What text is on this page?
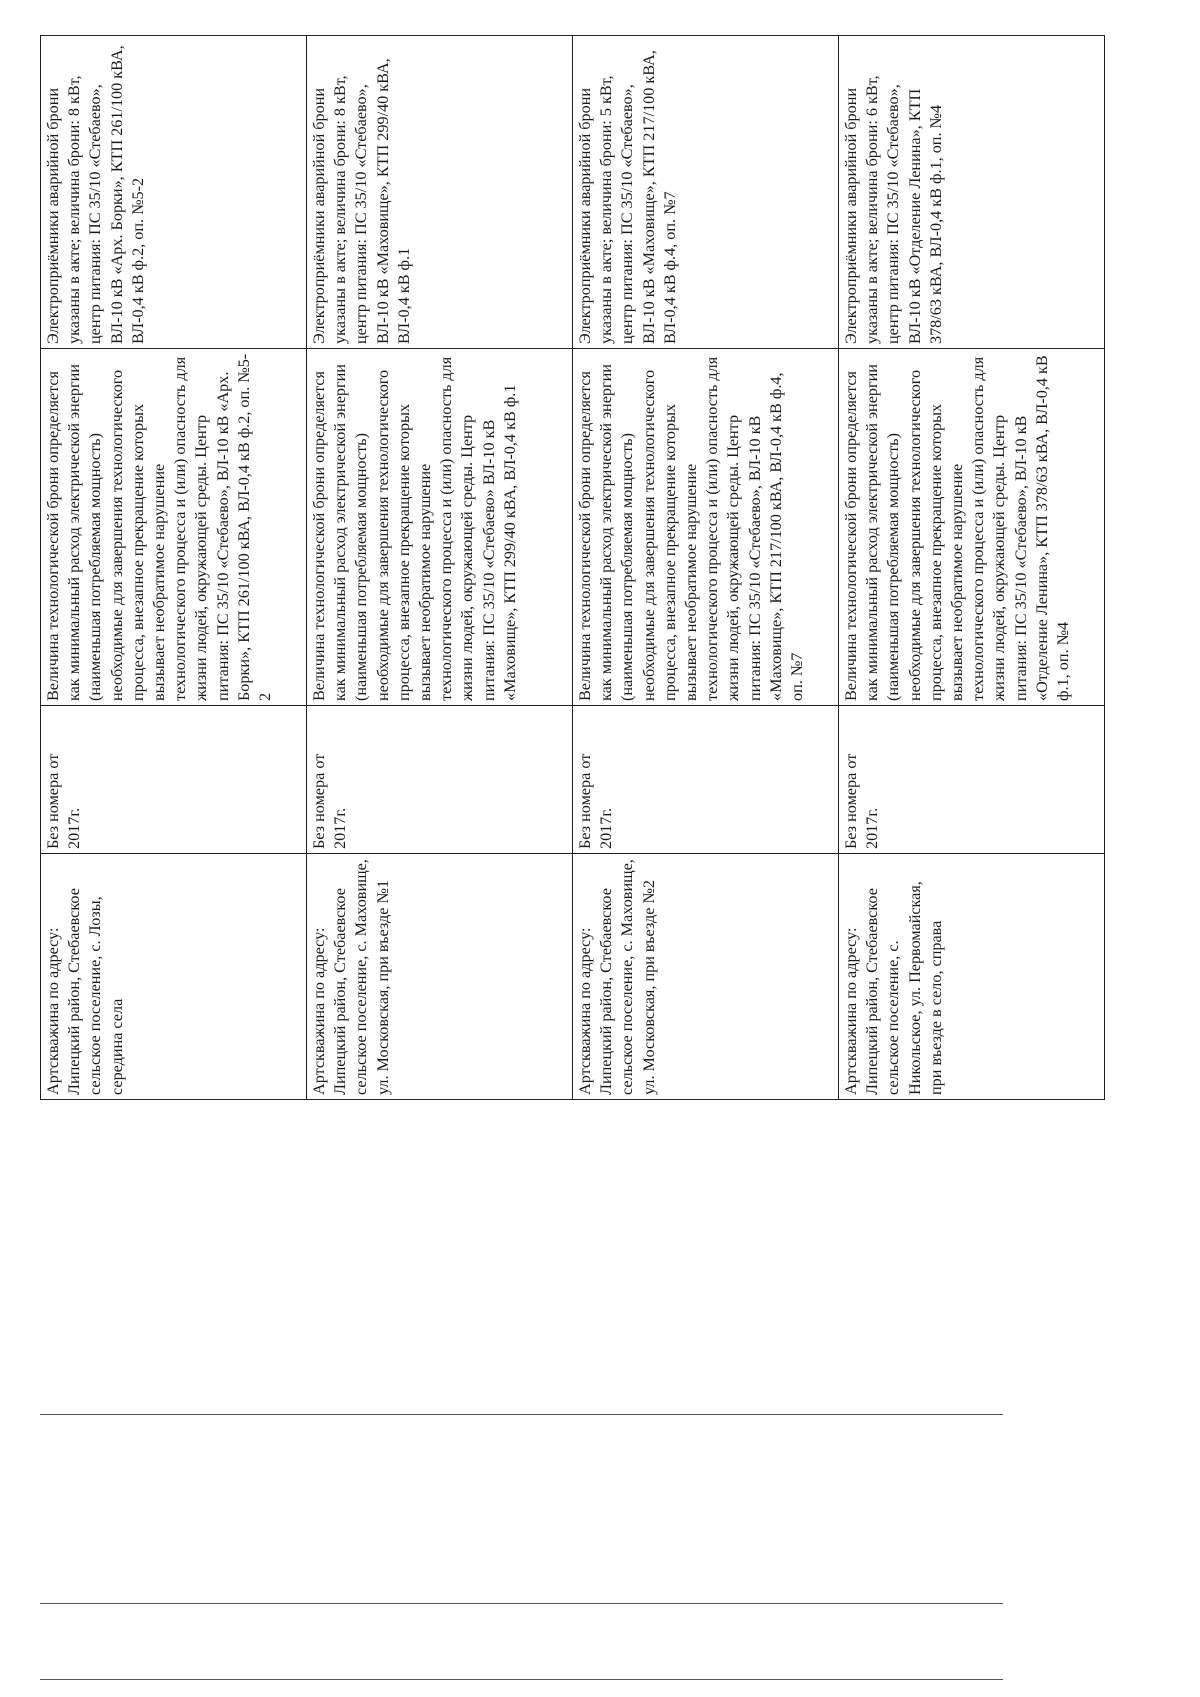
Артскважина по адресу: Липецкий район, Стебаевское сельское поселение, с. Лозы, середина села	Без номера от 2017г.	Величина технологической брони определяется как минимальный расход электрической энергии (наименьшая потребляемая мощность) необходимые для завершения технологического процесса, внезапное прекращение которых вызывает необратимое нарушение технологического процесса и (или) опасность для жизни людей, окружающей среды. Центр питания: ПС 35/10 «Стебаево», ВЛ-10 кВ «Арх. Борки», КТП 261/100 кВА, ВЛ-0,4 кВ ф.2, оп. №5-2	Электроприёмники аварийной брони указаны в акте; величина брони: 8 кВт, центр питания: ПС 35/10 «Стебаево», ВЛ-10 кВ «Арх. Борки», КТП 261/100 кВА, ВЛ-0,4 кВ ф.2, оп. №5-2
Артскважина по адресу: Липецкий район, Стебаевское сельское поселение, с. Маховище, ул. Московская, при въезде №1	Без номера от 2017г.	Величина технологической брони определяется как минимальный расход электрической энергии (наименьшая потребляемая мощность) необходимые для завершения технологического процесса, внезапное прекращение которых вызывает необратимое нарушение технологического процесса и (или) опасность для жизни людей, окружающей среды. Центр питания: ПС 35/10 «Стебаево» ВЛ-10 кВ «Маховище», КТП 299/40 кВА, ВЛ-0,4 кВ ф.1	Электроприёмники аварийной брони указаны в акте; величина брони: 8 кВт, центр питания: ПС 35/10 «Стебаево», ВЛ-10 кВ «Маховище», КТП 299/40 кВА, ВЛ-0,4 кВ ф.1
Артскважина по адресу: Липецкий район, Стебаевское сельское поселение, с. Маховище, ул. Московская, при въезде №2	Без номера от 2017г.	Величина технологической брони определяется как минимальный расход электрической энергии (наименьшая потребляемая мощность) необходимые для завершения технологического процесса, внезапное прекращение которых вызывает необратимое нарушение технологического процесса и (или) опасность для жизни людей, окружающей среды. Центр питания: ПС 35/10 «Стебаево», ВЛ-10 кВ «Маховище», КТП 217/100 кВА, ВЛ-0,4 кВ ф.4, оп. №7	Электроприёмники аварийной брони указаны в акте; величина брони: 5 кВт, центр питания: ПС 35/10 «Стебаево», ВЛ-10 кВ «Маховище», КТП 217/100 кВА, ВЛ-0,4 кВ ф.4, оп. №7
Артскважина по адресу: Липецкий район, Стебаевское сельское поселение, с. Никольское, ул. Первомайская, при въезде в село, справа	Без номера от 2017г.	Величина технологической брони определяется как минимальный расход электрической энергии (наименьшая потребляемая мощность) необходимые для завершения технологического процесса, внезапное прекращение которых вызывает необратимое нарушение технологического процесса и (или) опасность для жизни людей, окружающей среды. Центр питания: ПС 35/10 «Стебаево», ВЛ-10 кВ «Отделение Ленина», КТП 378/63 кВА, ВЛ-0,4 кВ ф.1, оп. №4	Электроприёмники аварийной брони указаны в акте; величина брони: 6 кВт, центр питания: ПС 35/10 «Стебаево», ВЛ-10 кВ «Отделение Ленина», КТП 378/63 кВА, ВЛ-0,4 кВ ф.1, оп. №4
